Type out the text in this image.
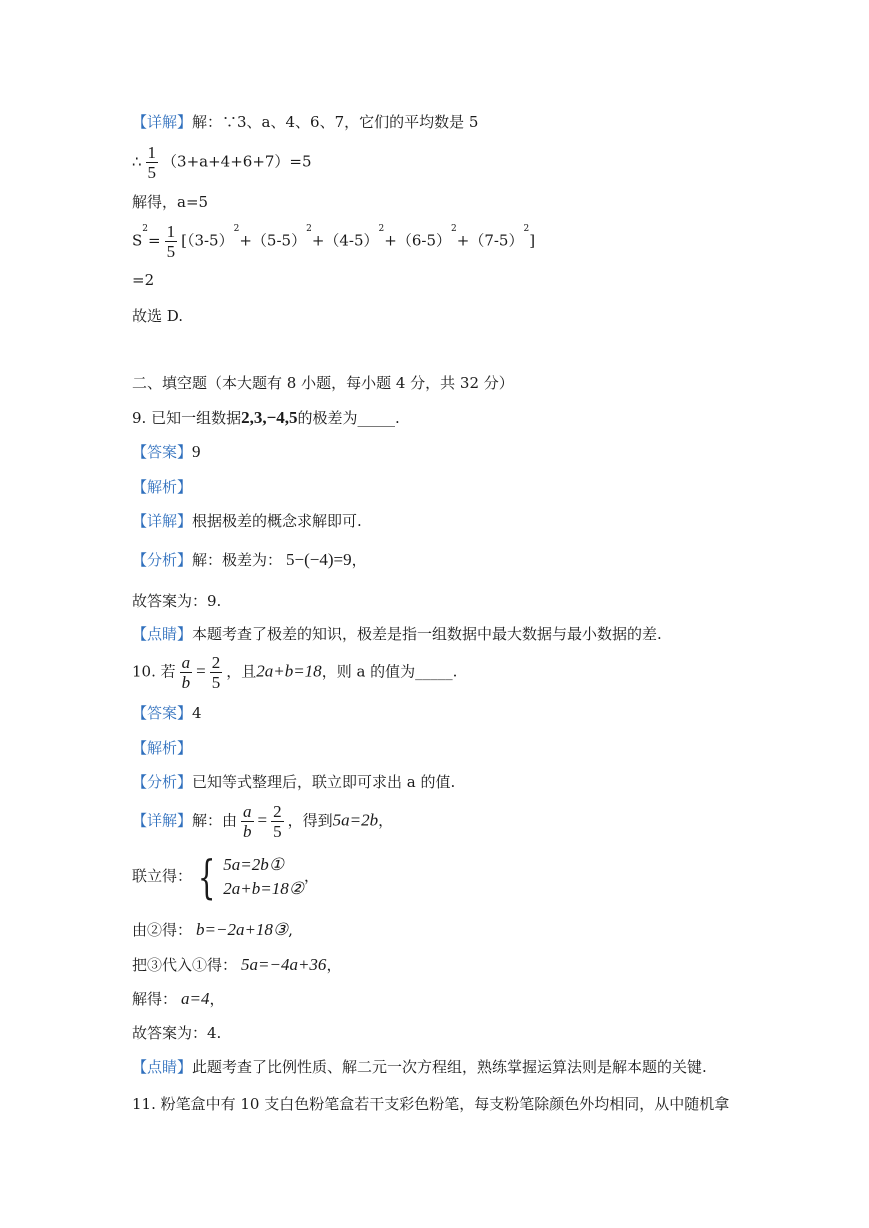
【详解】解：∵3、a、4、6、7，它们的平均数是 5
∴ $\frac{1}{5} (3+a+4+6+7)=5$
解得，a=5
$S^2= \frac{1}{5} [(3-5)^2+(5-5)^2+(4-5)^2+(6-5)^2+(7-5)^2]$
=2
故选 D.
二、填空题（本大题有 8 小题，每小题 4 分，共 32 分）
9. 已知一组数据2,3,−4,5的极差为_____.
【答案】9
【解析】
【详解】根据极差的概念求解即可.
【分析】解：极差为： 5−(−4)=9，
故答案为：9.
【点睛】本题考查了极差的知识，极差是指一组数据中最大数据与最小数据的差.
10. 若 $\frac{a}{b} = \frac{2}{5}$ ，且2a+b=18，则 a 的值为_____.
【答案】4
【解析】
【分析】已知等式整理后，联立即可求出 a 的值.
【详解】解：由 $\frac{a}{b} = \frac{2}{5}$ ，得到5a=2b，
联立得： { 5a=2b①
2a+b=18②
，
由②得： b=−2a+18③,
把③代入①得： 5a=−4a+36，
解得： a=4，
故答案为：4.
【点睛】此题考查了比例性质、解二元一次方程组，熟练掌握运算法则是解本题的关键.
11. 粉笔盒中有 10 支白色粉笔盒若干支彩色粉笔，每支粉笔除颜色外均相同，从中随机拿
